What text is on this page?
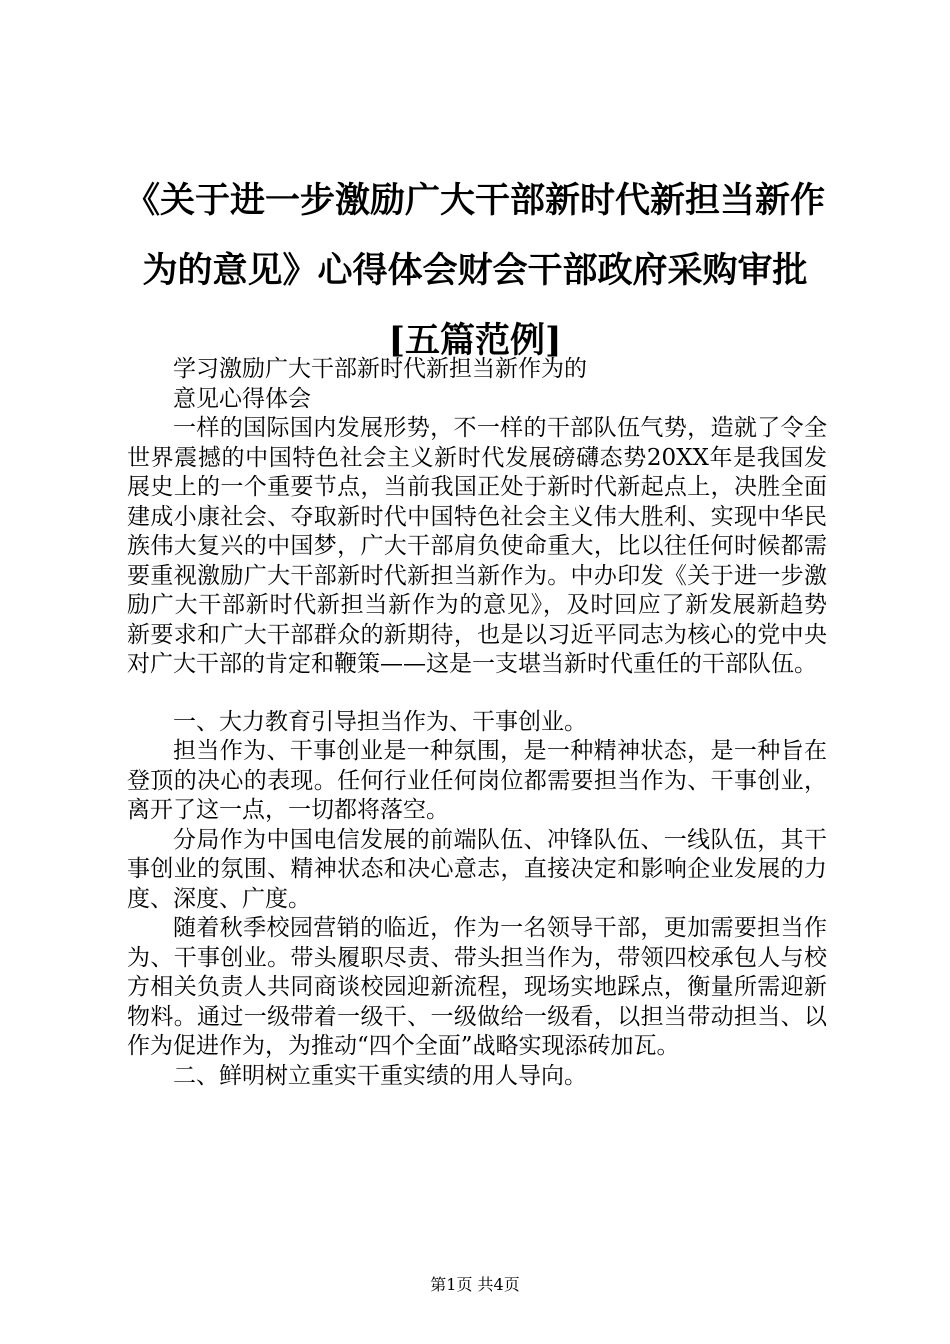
《关于进一步激励广大干部新时代新担当新作
为的意见》心得体会财会干部政府采购审批
[五篇范例]

学习激励广大干部新时代新担当新作为的

意见心得体会

一样的国际国内发展形势，不一样的干部队伍气势，造就了令全世界震撼的中国特色社会主义新时代发展磅礴态势20XX年是我国发展史上的一个重要节点，当前我国正处于新时代新起点上，决胜全面建成小康社会、夺取新时代中国特色社会主义伟大胜利、实现中华民族伟大复兴的中国梦，广大干部肩负使命重大，比以往任何时候都需要重视激励广大干部新时代新担当新作为。中办印发《关于进一步激励广大干部新时代新担当新作为的意见》，及时回应了新发展新趋势新要求和广大干部群众的新期待，也是以习近平同志为核心的党中央对广大干部的肯定和鞭策——这是一支堪当新时代重任的干部队伍。

一、大力教育引导担当作为、干事创业。

担当作为、干事创业是一种氛围，是一种精神状态，是一种旨在登顶的决心的表现。任何行业任何岗位都需要担当作为、干事创业，离开了这一点，一切都将落空。

分局作为中国电信发展的前端队伍、冲锋队伍、一线队伍，其干事创业的氛围、精神状态和决心意志，直接决定和影响企业发展的力度、深度、广度。

随着秋季校园营销的临近，作为一名领导干部，更加需要担当作为、干事创业。带头履职尽责、带头担当作为，带领四校承包人与校方相关负责人共同商谈校园迎新流程，现场实地踩点，衡量所需迎新物料。通过一级带着一级干、一级做给一级看，以担当带动担当、以作为促进作为，为推动“四个全面”战略实现添砖加瓦。

二、鲜明树立重实干重实绩的用人导向。

第1页 共4页
